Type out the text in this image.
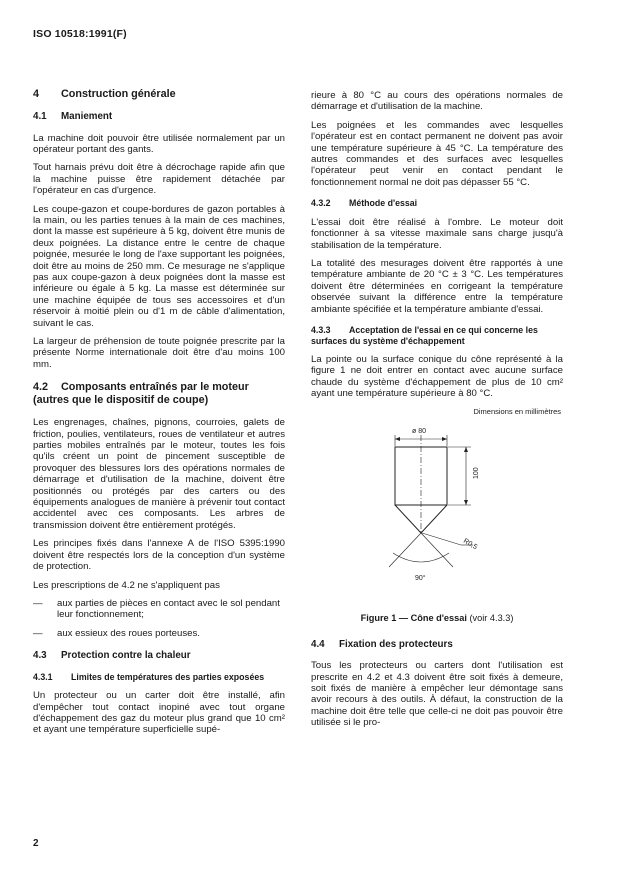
ISO 10518:1991(F)
4 Construction générale
4.1 Maniement

La machine doit pouvoir être utilisée normalement par un opérateur portant des gants.

Tout harnais prévu doit être à décrochage rapide afin que la machine puisse être rapidement détachée par l'opérateur en cas d'urgence.

Les coupe-gazon et coupe-bordures de gazon portables à la main, ou les parties tenues à la main de ces machines, dont la masse est supérieure à 5 kg, doivent être munis de deux poignées. La distance entre le centre de chaque poignée, mesurée le long de l'axe supportant les poignées, doit être au moins de 250 mm. Ce mesurage ne s'applique pas aux coupe-gazon à deux poignées dont la masse est inférieure ou égale à 5 kg. La masse est déterminée sur une machine équipée de tous ses accessoires et d'un réservoir à moitié plein ou d'1 m de câble d'alimentation, suivant le cas.

La largeur de préhension de toute poignée prescrite par la présente Norme internationale doit être d'au moins 100 mm.

4.2 Composants entraînés par le moteur (autres que le dispositif de coupe)

Les engrenages, chaînes, pignons, courroies, galets de friction, poulies, ventilateurs, roues de ventilateur et autres parties mobiles entraînés par le moteur, toutes les fois qu'ils créent un point de pincement susceptible de provoquer des blessures lors des opérations normales de démarrage et d'utilisation de la machine, doivent être positionnés ou protégés par des carters ou des équipements analogues de manière à prévenir tout contact accidentel avec ces composants. Les arbres de transmission doivent être entièrement protégés.

Les principes fixés dans l'annexe A de l'ISO 5395:1990 doivent être respectés lors de la conception d'un système de protection.

Les prescriptions de 4.2 ne s'appliquent pas

—	aux parties de pièces en contact avec le sol pendant leur fonctionnement;
—	aux essieux des roues porteuses.
4.3 Protection contre la chaleur
4.3.1 Limites de températures des parties exposées

Un protecteur ou un carter doit être installé, afin d'empêcher tout contact inopiné avec tout organe d'échappement des gaz du moteur plus grand que 10 cm² et ayant une température superficielle supé-

rieure à 80 °C au cours des opérations normales de démarrage et d'utilisation de la machine.

Les poignées et les commandes avec lesquelles l'opérateur est en contact permanent ne doivent pas avoir une température supérieure à 45 °C. La température des autres commandes et des surfaces avec lesquelles l'opérateur peut venir en contact pendant le fonctionnement normal ne doit pas dépasser 55 °C.

4.3.2 Méthode d'essai

L'essai doit être réalisé à l'ombre. Le moteur doit fonctionner à sa vitesse maximale sans charge jusqu'à stabilisation de la température.

La totalité des mesurages doivent être rapportés à une température ambiante de 20 °C ± 3 °C. Les températures doivent être déterminées en corrigeant la température observée suivant la différence entre la température ambiante spécifiée et la température ambiante d'essai.

4.3.3 Acceptation de l'essai en ce qui concerne les surfaces du système d'échappement

La pointe ou la surface conique du cône représenté à la figure 1 ne doit entrer en contact avec aucune surface chaude du système d'échappement de plus de 10 cm² ayant une température supérieure à 80 °C.

Dimensions en millimètres
ø 80
100
R0,5
90°
Figure 1 — Cône d'essai (voir 4.3.3)
4.4 Fixation des protecteurs

Tous les protecteurs ou carters dont l'utilisation est prescrite en 4.2 et 4.3 doivent être soit fixés à demeure, soit fixés de manière à empêcher leur démontage sans avoir recours à des outils. À défaut, la construction de la machine doit être telle que celle-ci ne doit pas pouvoir être utilisée si le pro-

2
